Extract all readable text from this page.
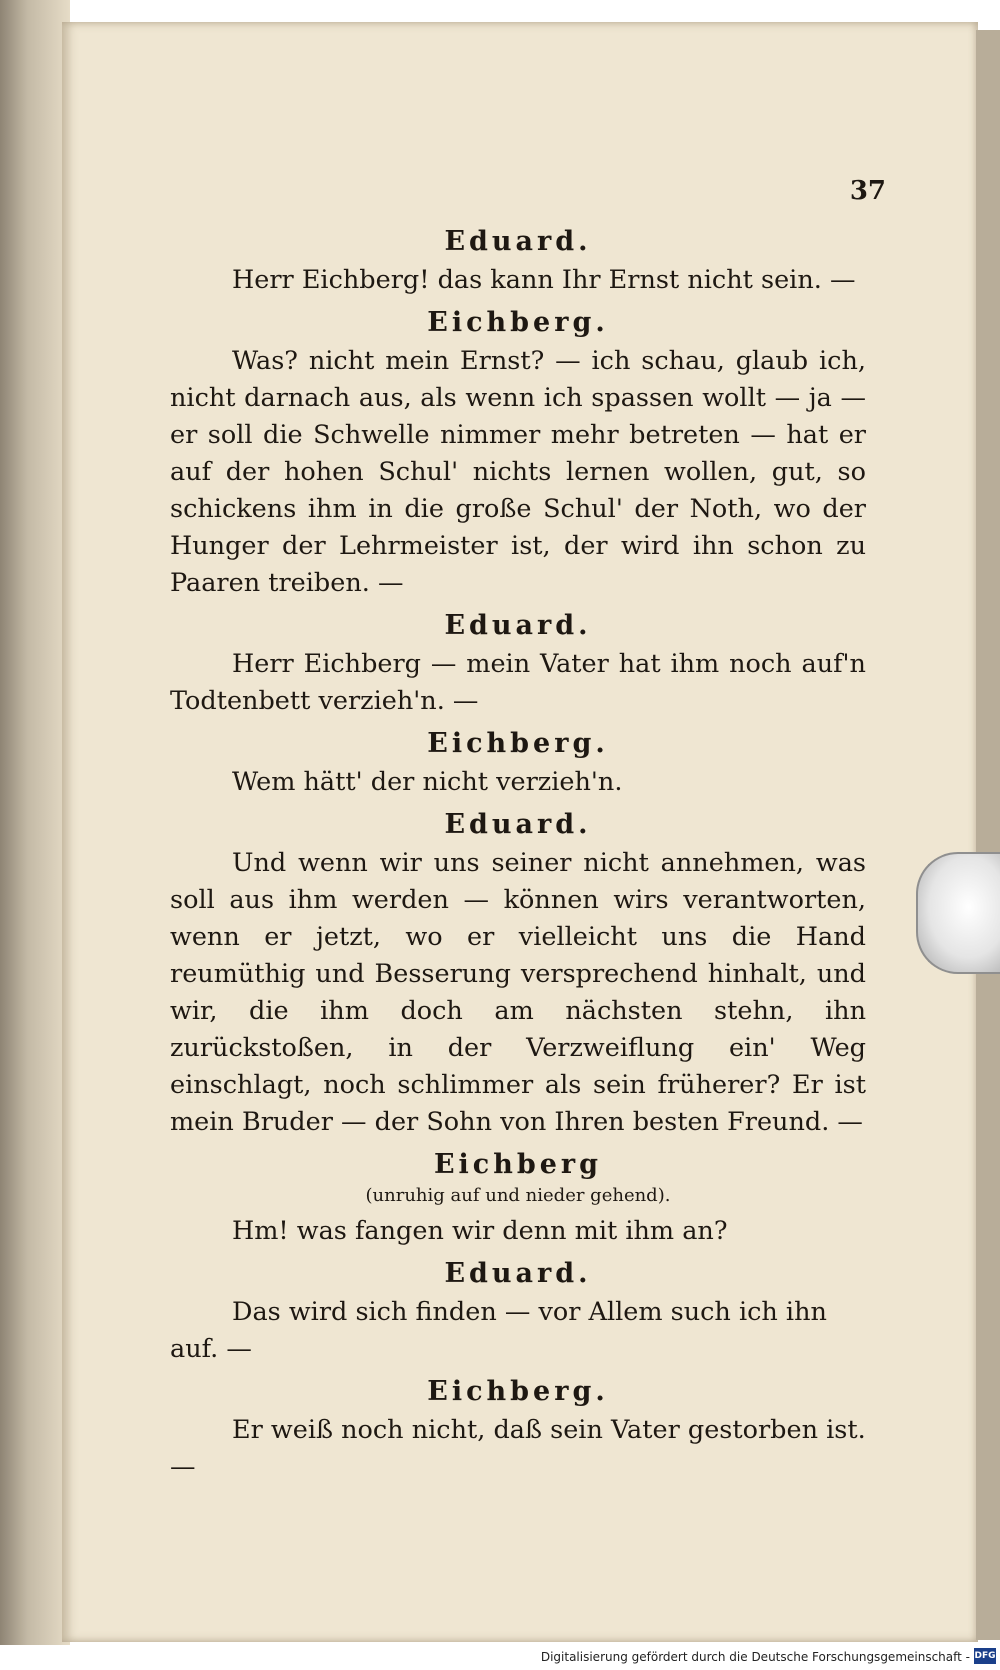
37

Eduard.

Herr Eichberg! das kann Ihr Ernst nicht sein. —

Eichberg.

Was? nicht mein Ernst? — ich schau, glaub ich, nicht darnach aus, als wenn ich spassen wollt — ja — er soll die Schwelle nimmer mehr betreten — hat er auf der hohen Schul' nichts lernen wollen, gut, so schickens ihm in die große Schul' der Noth, wo der Hunger der Lehrmeister ist, der wird ihn schon zu Paaren treiben. —

Eduard.

Herr Eichberg — mein Vater hat ihm noch auf'n Todtenbett verzieh'n. —

Eichberg.

Wem hätt' der nicht verzieh'n.

Eduard.

Und wenn wir uns seiner nicht annehmen, was soll aus ihm werden — können wirs verantworten, wenn er jetzt, wo er vielleicht uns die Hand reumüthig und Besserung versprechend hinhalt, und wir, die ihm doch am nächsten stehn, ihn zurückstoßen, in der Verzweiflung ein' Weg einschlagt, noch schlimmer als sein früherer? Er ist mein Bruder — der Sohn von Ihren besten Freund. —

Eichberg

(unruhig auf und nieder gehend).

Hm! was fangen wir denn mit ihm an?

Eduard.

Das wird sich finden — vor Allem such ich ihn auf. —

Eichberg.

Er weiß noch nicht, daß sein Vater gestorben ist. —

Digitalisierung gefördert durch die Deutsche Forschungsgemeinschaft - DFG
